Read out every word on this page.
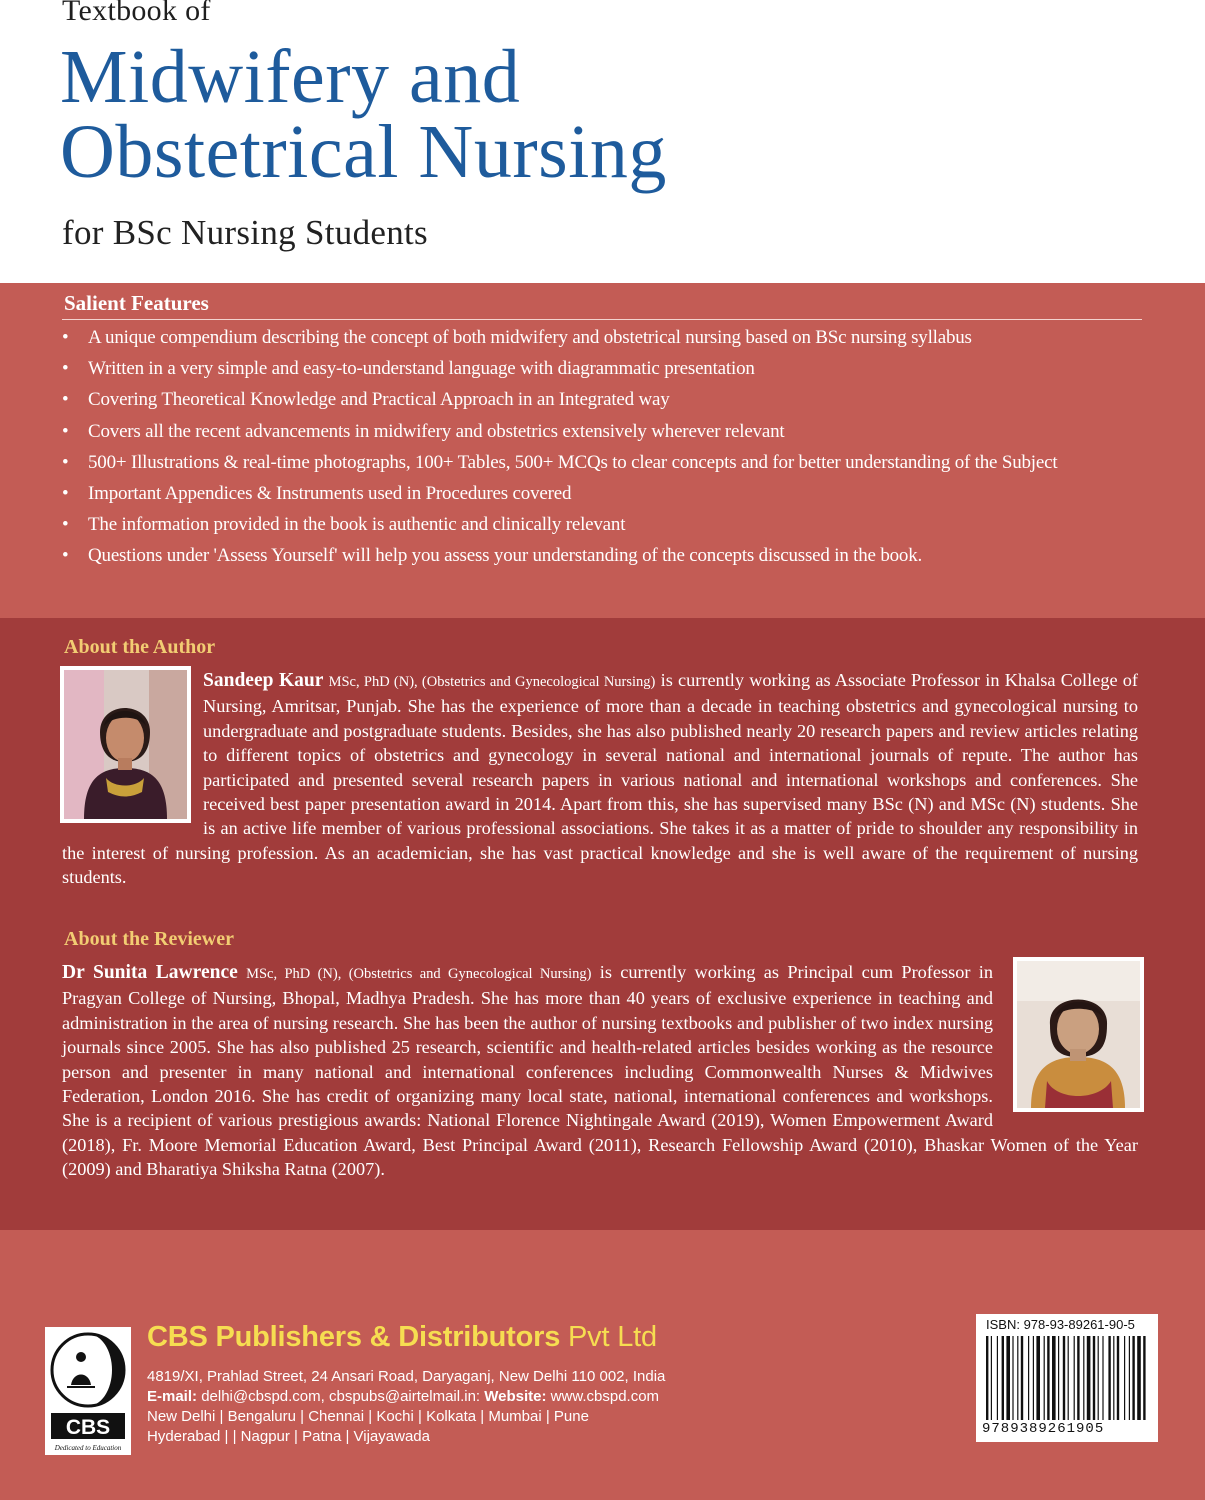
Textbook of
Midwifery and
Obstetrical Nursing
for BSc Nursing Students
Salient Features
• A unique compendium describing the concept of both midwifery and obstetrical nursing based on BSc nursing syllabus
• Written in a very simple and easy-to-understand language with diagrammatic presentation
• Covering Theoretical Knowledge and Practical Approach in an Integrated way
• Covers all the recent advancements in midwifery and obstetrics extensively wherever relevant
• 500+ Illustrations & real-time photographs, 100+ Tables, 500+ MCQs to clear concepts and for better understanding of the Subject
• Important Appendices & Instruments used in Procedures covered
• The information provided in the book is authentic and clinically relevant
• Questions under 'Assess Yourself' will help you assess your understanding of the concepts discussed in the book.
About the Author

Sandeep Kaur MSc, PhD (N), (Obstetrics and Gynecological Nursing) is currently working as Associate Professor in Khalsa College of Nursing, Amritsar, Punjab. She has the experience of more than a decade in teaching obstetrics and gynecological nursing to undergraduate and postgraduate students. Besides, she has also published nearly 20 research papers and review articles relating to different topics of obstetrics and gynecology in several national and international journals of repute. The author has participated and presented several research papers in various national and international workshops and conferences. She received best paper presentation award in 2014. Apart from this, she has supervised many BSc (N) and MSc (N) students. She is an active life member of various professional associations. She takes it as a matter of pride to shoulder any responsibility in the interest of nursing profession. As an academician, she has vast practical knowledge and she is well aware of the requirement of nursing students.

About the Reviewer

Dr Sunita Lawrence MSc, PhD (N), (Obstetrics and Gynecological Nursing) is currently working as Principal cum Professor in Pragyan College of Nursing, Bhopal, Madhya Pradesh. She has more than 40 years of exclusive experience in teaching and administration in the area of nursing research. She has been the author of nursing textbooks and publisher of two index nursing journals since 2005. She has also published 25 research, scientific and health-related articles besides working as the resource person and presenter in many national and international conferences including Commonwealth Nurses & Midwives Federation, London 2016. She has credit of organizing many local state, national, international conferences and workshops. She is a recipient of various prestigious awards: National Florence Nightingale Award (2019), Women Empowerment Award (2018), Fr. Moore Memorial Education Award, Best Principal Award (2011), Research Fellowship Award (2010), Bhaskar Women of the Year (2009) and Bharatiya Shiksha Ratna (2007).

CBS
Dedicated to Education
CBS Publishers & Distributors Pvt Ltd
4819/XI, Prahlad Street, 24 Ansari Road, Daryaganj, New Delhi 110 002, India
E-mail: delhi@cbspd.com, cbspubs@airtelmail.in: Website: www.cbspd.com
New Delhi | Bengaluru | Chennai | Kochi | Kolkata | Mumbai | Pune
Hyderabad | | Nagpur | Patna | Vijayawada
ISBN: 978-93-89261-90-5
9789389261905
